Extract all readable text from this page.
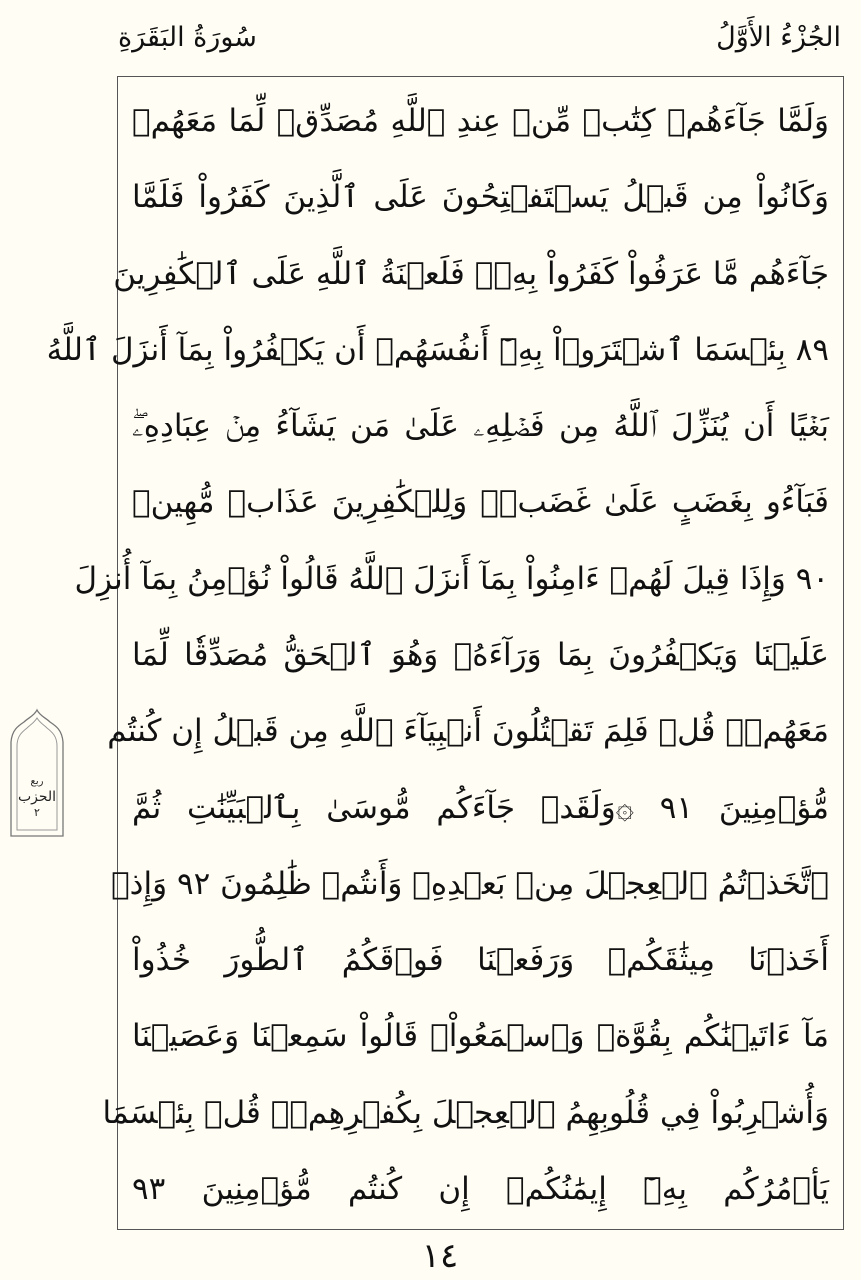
سُورَةُ البَقَرَةِ	الجُزْءُ الأَوَّلُ
ربع
الحزب
٢
وَلَمَّا جَآءَهُمۡ كِتَٰبٞ مِّنۡ عِندِ ٱللَّهِ مُصَدِّقٞ لِّمَا مَعَهُمۡ
وَكَانُواْ مِن قَبۡلُ يَسۡتَفۡتِحُونَ عَلَى ٱلَّذِينَ كَفَرُواْ فَلَمَّا
جَآءَهُم مَّا عَرَفُواْ كَفَرُواْ بِهِۦۚ فَلَعۡنَةُ ٱللَّهِ عَلَى ٱلۡكَٰفِرِينَ
٨٩ بِئۡسَمَا ٱشۡتَرَوۡاْ بِهِۦٓ أَنفُسَهُمۡ أَن يَكۡفُرُواْ بِمَآ أَنزَلَ ٱللَّهُ
بَغۡيًا أَن يُنَزِّلَ ٱللَّهُ مِن فَضۡلِهِۦ عَلَىٰ مَن يَشَآءُ مِنۡ عِبَادِهِۦۖ
فَبَآءُو بِغَضَبٍ عَلَىٰ غَضَبٖۚ وَلِلۡكَٰفِرِينَ عَذَابٞ مُّهِينٞ
٩٠ وَإِذَا قِيلَ لَهُمۡ ءَامِنُواْ بِمَآ أَنزَلَ ٱللَّهُ قَالُواْ نُؤۡمِنُ بِمَآ أُنزِلَ
عَلَيۡنَا وَيَكۡفُرُونَ بِمَا وَرَآءَهُۥ وَهُوَ ٱلۡحَقُّ مُصَدِّقٗا لِّمَا
مَعَهُمۡۗ قُلۡ فَلِمَ تَقۡتُلُونَ أَنۢبِيَآءَ ٱللَّهِ مِن قَبۡلُ إِن كُنتُم
مُّؤۡمِنِينَ ٩١ ۞وَلَقَدۡ جَآءَكُم مُّوسَىٰ بِٱلۡبَيِّنَٰتِ ثُمَّ
ٱتَّخَذۡتُمُ ٱلۡعِجۡلَ مِنۢ بَعۡدِهِۦ وَأَنتُمۡ ظَٰلِمُونَ ٩٢ وَإِذۡ
أَخَذۡنَا مِيثَٰقَكُمۡ وَرَفَعۡنَا فَوۡقَكُمُ ٱلطُّورَ خُذُواْ
مَآ ءَاتَيۡنَٰكُم بِقُوَّةٖ وَٱسۡمَعُواْۖ قَالُواْ سَمِعۡنَا وَعَصَيۡنَا
وَأُشۡرِبُواْ فِي قُلُوبِهِمُ ٱلۡعِجۡلَ بِكُفۡرِهِمۡۚ قُلۡ بِئۡسَمَا
يَأۡمُرُكُم بِهِۦٓ إِيمَٰنُكُمۡ إِن كُنتُم مُّؤۡمِنِينَ ٩٣
١٤
